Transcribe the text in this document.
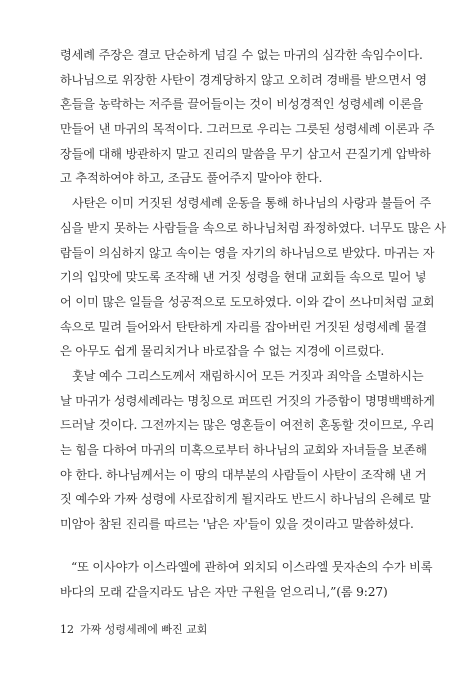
령세례 주장은 결코 단순하게 넘길 수 없는 마귀의 심각한 속임수이다.
하나님으로 위장한 사탄이 경계당하지 않고 오히려 경배를 받으면서 영
혼들을 농락하는 저주를 끌어들이는 것이 비성경적인 성령세례 이론을
만들어 낸 마귀의 목적이다. 그러므로 우리는 그릇된 성령세례 이론과 주
장들에 대해 방관하지 말고 진리의 말씀을 무기 삼고서 끈질기게 압박하
고 추적하여야 하고, 조금도 풀어주지 말아야 한다.
사탄은 이미 거짓된 성령세례 운동을 통해 하나님의 사랑과 불들어 주
심을 받지 못하는 사람들을 속으로 하나님처럼 좌정하였다. 너무도 많은 사
람들이 의심하지 않고 속이는 영을 자기의 하나님으로 받았다. 마귀는 자
기의 입맛에 맞도록 조작해 낸 거짓 성령을 현대 교회들 속으로 밀어 넣
어 이미 많은 일들을 성공적으로 도모하였다. 이와 같이 쓰나미처럼 교회
속으로 밀려 들어와서 탄탄하게 자리를 잡아버린 거짓된 성령세례 물결
은 아무도 쉽게 물리치거나 바로잡을 수 없는 지경에 이르렀다.
훗날 예수 그리스도께서 재림하시어 모든 거짓과 죄악을 소멸하시는
날 마귀가 성령세례라는 명칭으로 퍼뜨린 거짓의 가증함이 명명백백하게
드러날 것이다. 그전까지는 많은 영혼들이 여전히 혼동할 것이므로, 우리
는 힘을 다하여 마귀의 미혹으로부터 하나님의 교회와 자녀들을 보존해
야 한다. 하나님께서는 이 땅의 대부분의 사람들이 사탄이 조작해 낸 거
짓 예수와 가짜 성령에 사로잡히게 될지라도 반드시 하나님의 은혜로 말
미암아 참된 진리를 따르는 '남은 자'들이 있을 것이라고 말씀하셨다.
“또 이사야가 이스라엘에 관하여 외치되 이스라엘 뭇자손의 수가 비록
바다의 모래 같을지라도 남은 자만 구원을 얻으리니,”(롬 9:27)
12 가짜 성령세례에 빠진 교회
